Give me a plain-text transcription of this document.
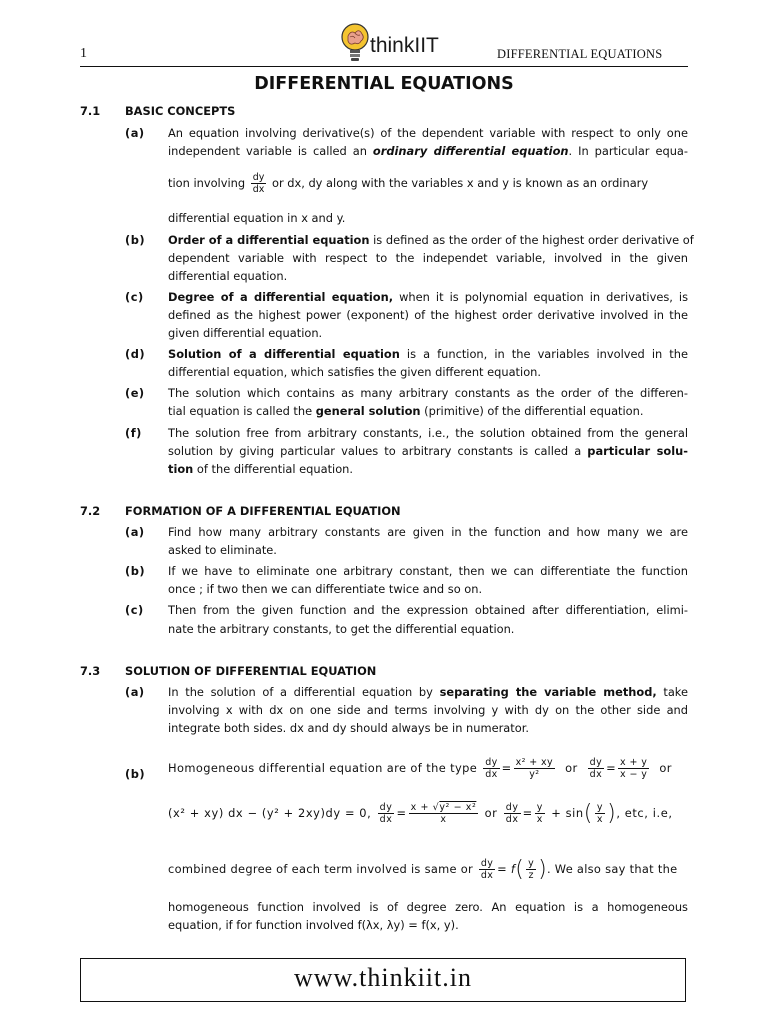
1	thinkIIT	DIFFERENTIAL EQUATIONS
DIFFERENTIAL EQUATIONS
7.1 BASIC CONCEPTS
(a) An equation involving derivative(s) of the dependent variable with respect to only one
independent variable is called an ordinary differential equation. In particular equa-
tion involving $\frac{dy}{dx}$ or dx, dy along with the variables x and y is known as an ordinary
differential equation in x and y.
(b) Order of a differential equation is defined as the order of the highest order derivative of
dependent variable with respect to the independet variable, involved in the given
differential equation.
(c) Degree of a differential equation, when it is polynomial equation in derivatives, is
defined as the highest power (exponent) of the highest order derivative involved in the
given differential equation.
(d) Solution of a differential equation is a function, in the variables involved in the
differential equation, which satisfies the given different equation.
(e) The solution which contains as many arbitrary constants as the order of the differen-
tial equation is called the general solution (primitive) of the differential equation.
(f) The solution free from arbitrary constants, i.e., the solution obtained from the general
solution by giving particular values to arbitrary constants is called a particular solu-
tion of the differential equation.
7.2 FORMATION OF A DIFFERENTIAL EQUATION
(a) Find how many arbitrary constants are given in the function and how many we are
asked to eliminate.
(b) If we have to eliminate one arbitrary constant, then we can differentiate the function
once ; if two then we can differentiate twice and so on.
(c) Then from the given function and the expression obtained after differentiation, elimi-
nate the arbitrary constants, to get the differential equation.
7.3 SOLUTION OF DIFFERENTIAL EQUATION
(a) In the solution of a differential equation by separating the variable method, take
involving x with dx on one side and terms involving y with dy on the other side and
integrate both sides. dx and dy should always be in numerator.
(b) Homogeneous differential equation are of the type $\frac{dy}{dx} = \frac{\text{x² + xy}}{\text{y²}}$ or $\frac{dy}{dx} = \frac{x + y}{x - y}$ or
(x² + xy) dx − (y² + 2xy)dy = 0, $\frac{dy}{dx} = \frac{\text{x + √y² − x²}}{x}$ or $\frac{dy}{dx} = \frac{y}{x} + \sin( \frac{y}{x}$ ), etc, i.e,
combined degree of each term involved is same or $\frac{dy}{dx} = f( \frac{y}{z}$ ). We also say that the
homogeneous function involved is of degree zero. An equation is a homogeneous
equation, if for function involved f(λx, λy) = f(x, y).
www.thinkiit.in
